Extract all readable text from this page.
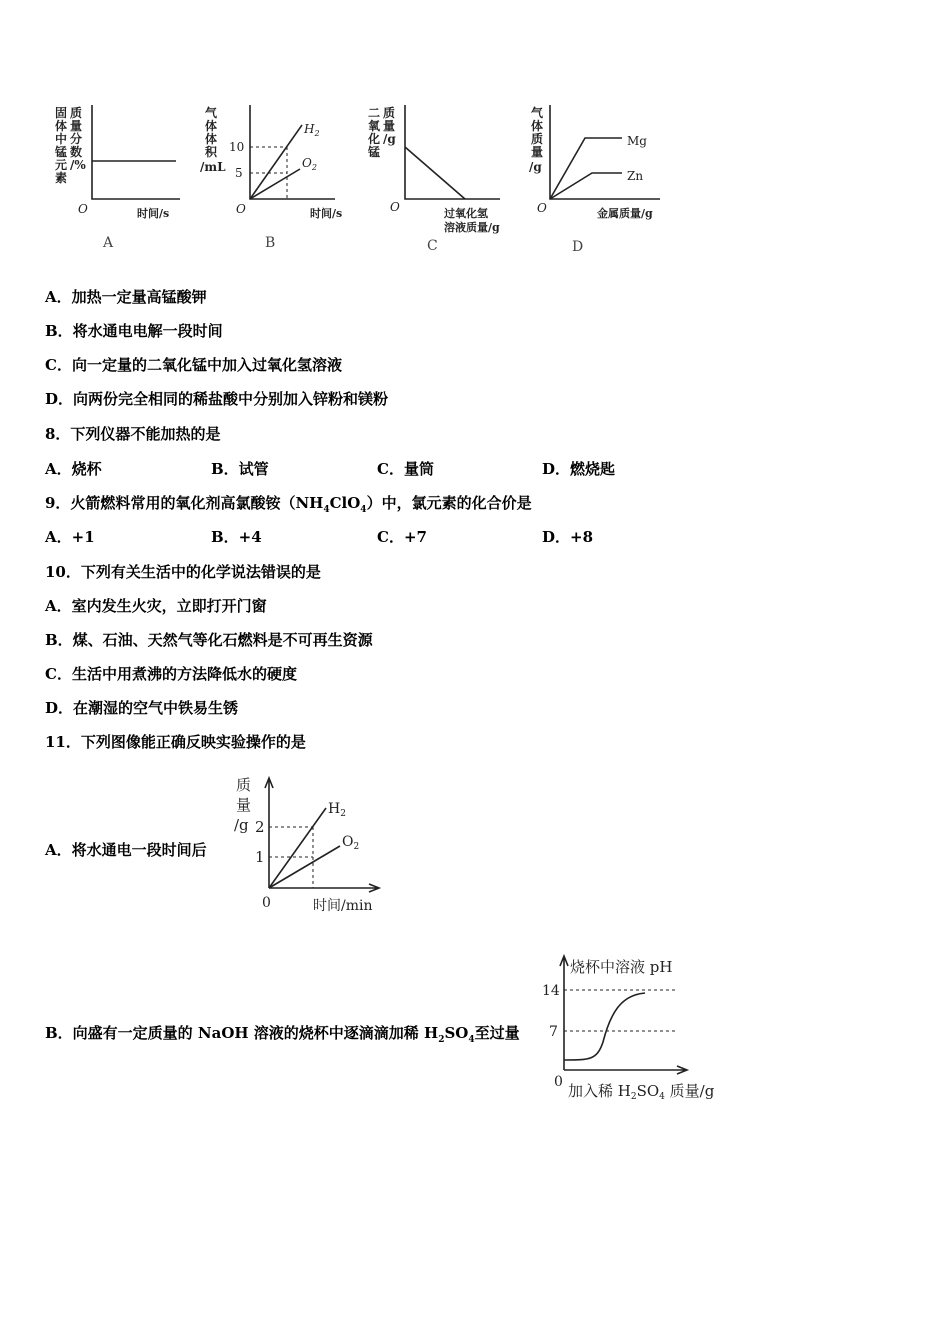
固
体
中
锰
元
素
质
量
分
数
/%
O	时间/s
A
气
体
体
积
/mL
10
5
$H_2$
$O_2$
O	时间/s
B
二
氧
化
锰
质
量
/g
O	过氧化氢
溶液质量/g
C
气
体
质
量
/g
Mg
Zn
O	金属质量/g
D
A．加热一定量高锰酸钾
B．将水通电电解一段时间
C．向一定量的二氧化锰中加入过氧化氢溶液
D．向两份完全相同的稀盐酸中分别加入锌粉和镁粉
8．下列仪器不能加热的是
A．烧杯	B．试管	C．量筒	D．燃烧匙
9．火箭燃料常用的氧化剂高氯酸铵$(NH_4ClO_4)$中，氯元素的化合价是
A．+1	B．+4	C．+7	D．+8
10．下列有关生活中的化学说法错误的是
A．室内发生火灾，立即打开门窗
B．煤、石油、天然气等化石燃料是不可再生资源
C．生活中用煮沸的方法降低水的硬度
D．在潮湿的空气中铁易生锈
11．下列图像能正确反映实验操作的是
A．将水通电一段时间后
质
量
/g 2
1
$H_2$
$O_2$
0	时间/min
B．向盛有一定质量的 NaOH 溶液的烧杯中逐滴滴加稀 $H_2SO_4$至过量
烧杯中溶液 pH
14
7
0 加入稀 $H_2SO_4$ 质量/g
